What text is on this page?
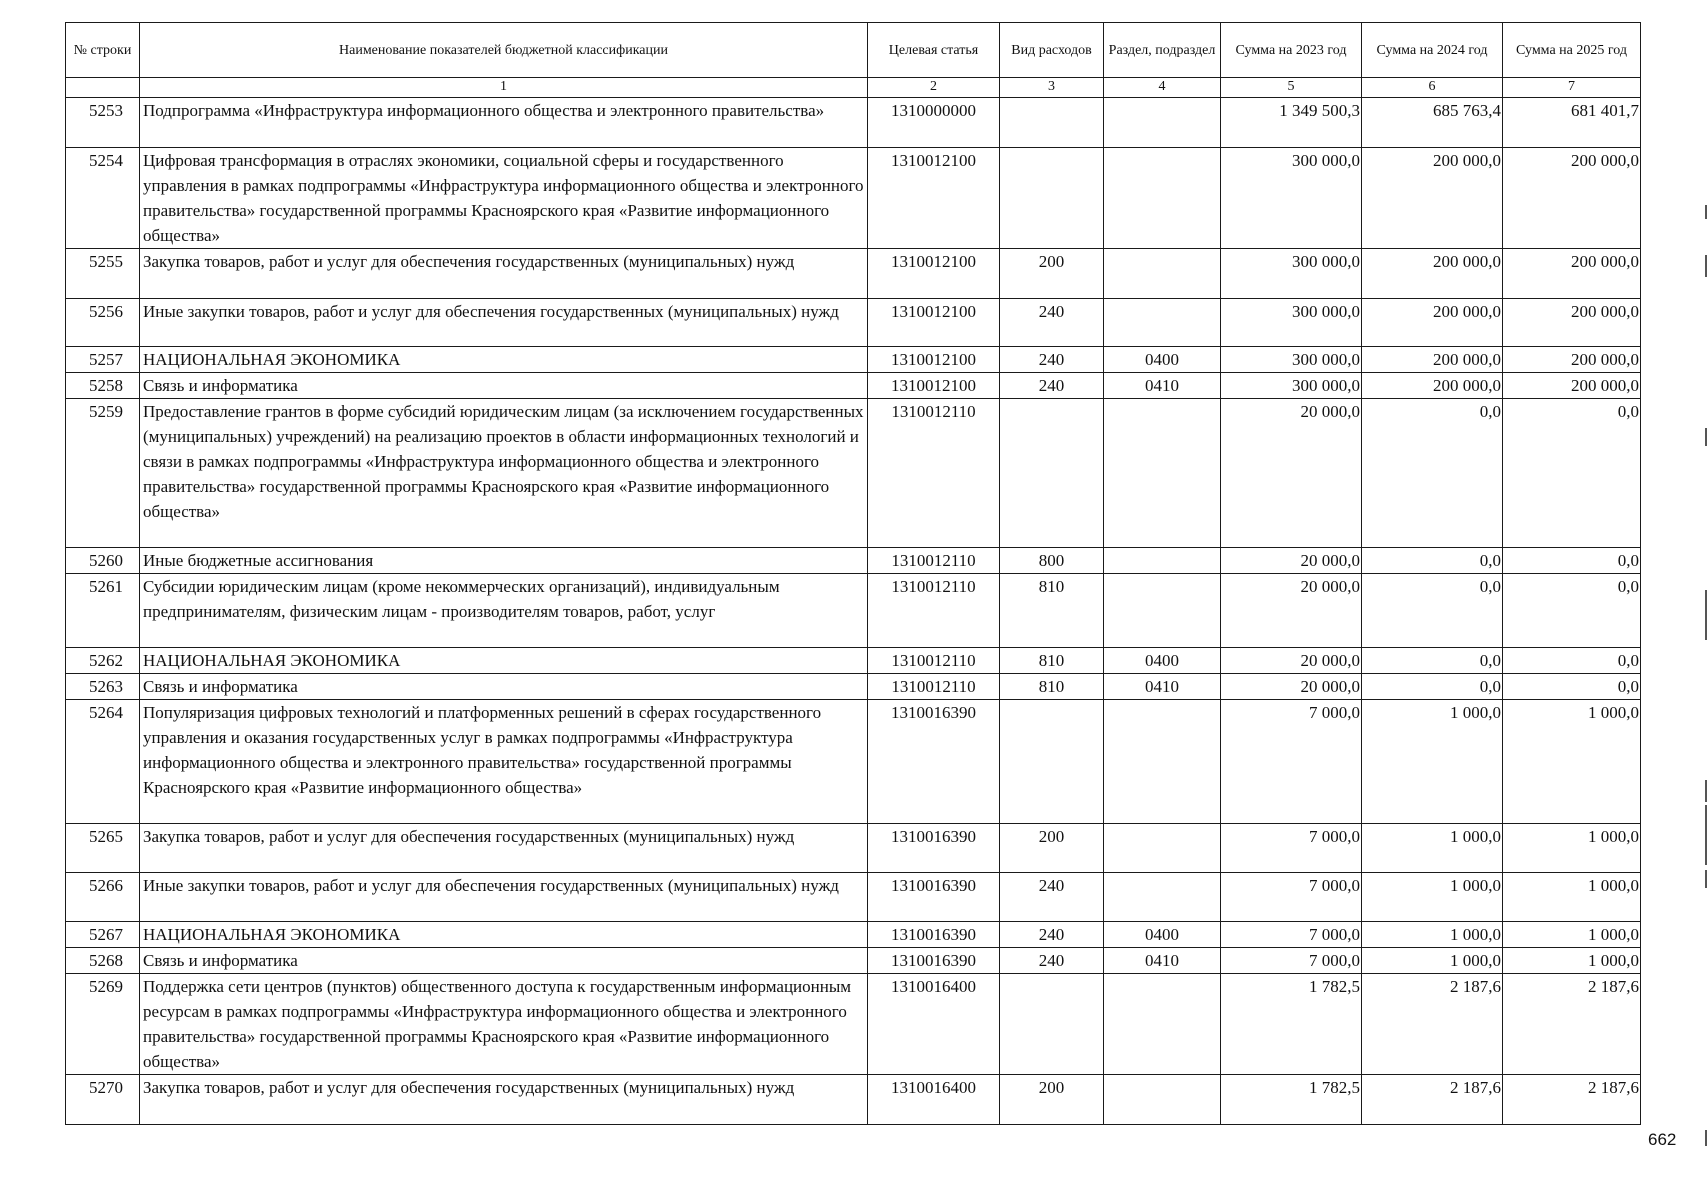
№ строки	Наименование показателей бюджетной классификации	Целевая статья	Вид расходов	Раздел, подраздел	Сумма на 2023 год	Сумма на 2024 год	Сумма на 2025 год
	1	2	3	4	5	6	7
5253	Подпрограмма «Инфраструктура информационного общества и электронного правительства»	1310000000			1 349 500,3	685 763,4	681 401,7
5254	Цифровая трансформация в отраслях экономики, социальной сферы и государственного управления в рамках подпрограммы «Инфраструктура информационного общества и электронного правительства» государственной программы Красноярского края «Развитие информационного общества»	1310012100			300 000,0	200 000,0	200 000,0
5255	Закупка товаров, работ и услуг для обеспечения государственных (муниципальных) нужд	1310012100	200		300 000,0	200 000,0	200 000,0
5256	Иные закупки товаров, работ и услуг для обеспечения государственных (муниципальных) нужд	1310012100	240		300 000,0	200 000,0	200 000,0
5257	НАЦИОНАЛЬНАЯ ЭКОНОМИКА	1310012100	240	0400	300 000,0	200 000,0	200 000,0
5258	Связь и информатика	1310012100	240	0410	300 000,0	200 000,0	200 000,0
5259	Предоставление грантов в форме субсидий юридическим лицам (за исключением государственных (муниципальных) учреждений) на реализацию проектов в области информационных технологий и связи в рамках подпрограммы «Инфраструктура информационного общества и электронного правительства» государственной программы Красноярского края «Развитие информационного общества»	1310012110			20 000,0	0,0	0,0
5260	Иные бюджетные ассигнования	1310012110	800		20 000,0	0,0	0,0
5261	Субсидии юридическим лицам (кроме некоммерческих организаций), индивидуальным предпринимателям, физическим лицам - производителям товаров, работ, услуг	1310012110	810		20 000,0	0,0	0,0
5262	НАЦИОНАЛЬНАЯ ЭКОНОМИКА	1310012110	810	0400	20 000,0	0,0	0,0
5263	Связь и информатика	1310012110	810	0410	20 000,0	0,0	0,0
5264	Популяризация цифровых технологий и платформенных решений в сферах государственного управления и оказания государственных услуг в рамках подпрограммы «Инфраструктура информационного общества и электронного правительства» государственной программы Красноярского края «Развитие информационного общества»	1310016390			7 000,0	1 000,0	1 000,0
5265	Закупка товаров, работ и услуг для обеспечения государственных (муниципальных) нужд	1310016390	200		7 000,0	1 000,0	1 000,0
5266	Иные закупки товаров, работ и услуг для обеспечения государственных (муниципальных) нужд	1310016390	240		7 000,0	1 000,0	1 000,0
5267	НАЦИОНАЛЬНАЯ ЭКОНОМИКА	1310016390	240	0400	7 000,0	1 000,0	1 000,0
5268	Связь и информатика	1310016390	240	0410	7 000,0	1 000,0	1 000,0
5269	Поддержка сети центров (пунктов) общественного доступа к государственным информационным ресурсам в рамках подпрограммы «Инфраструктура информационного общества и электронного правительства» государственной программы Красноярского края «Развитие информационного общества»	1310016400			1 782,5	2 187,6	2 187,6
5270	Закупка товаров, работ и услуг для обеспечения государственных (муниципальных) нужд	1310016400	200		1 782,5	2 187,6	2 187,6
662
